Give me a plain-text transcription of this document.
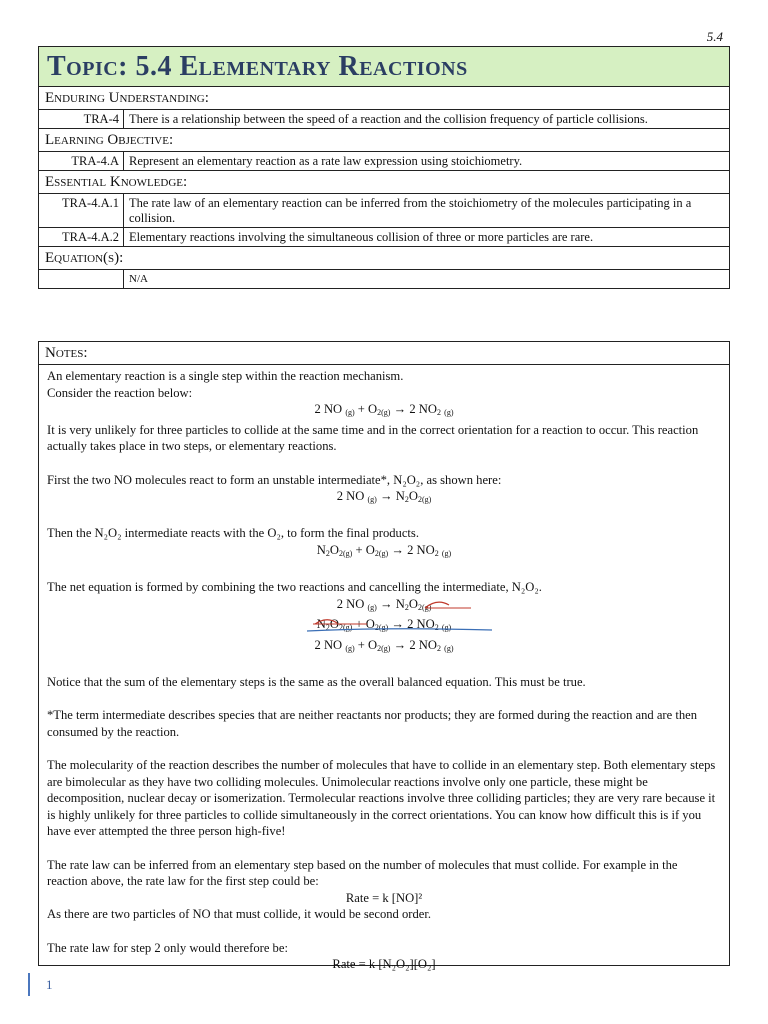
5.4
Topic: 5.4 Elementary Reactions
Enduring Understanding:
TRA-4 There is a relationship between the speed of a reaction and the collision frequency of particle collisions.
Learning Objective:
TRA-4.A Represent an elementary reaction as a rate law expression using stoichiometry.
Essential Knowledge:
TRA-4.A.1 The rate law of an elementary reaction can be inferred from the stoichiometry of the molecules participating in a collision.
TRA-4.A.2 Elementary reactions involving the simultaneous collision of three or more particles are rare.
Equation(s):
N/A
Notes:

An elementary reaction is a single step within the reaction mechanism.

Consider the reaction below:

2 NO $_{(g)} + O_{2(g)} \to 2$ $NO_2$ $_{(g)}$

It is very unlikely for three particles to collide at the same time and in the correct orientation for a reaction to occur. This reaction actually takes place in two steps, or elementary reactions.

First the two NO molecules react to form an unstable intermediate*, N₂O₂, as shown here:

2 NO $_{(g)} \to N_2O_{2(g)}$

Then the N₂O₂ intermediate reacts with the O₂, to form the final products.

$N_2O_{2(g)} + O_{2(g)} \to 2$ $NO_2$ $_{(g)}$

The net equation is formed by combining the two reactions and cancelling the intermediate, N₂O₂.

2 NO $_{(g)} \to N_2O_{2(g)}$

$N_2O_{2(g)} + O_{2(g)} \to 2$ $NO_2$ $_{(g)}$

2 NO $_{(g)} + O_{2(g)} \to 2$ $NO_2$ $_{(g)}$

Notice that the sum of the elementary steps is the same as the overall balanced equation. This must be true.

*The term intermediate describes species that are neither reactants nor products; they are formed during the reaction and are then consumed by the reaction.

The molecularity of the reaction describes the number of molecules that have to collide in an elementary step. Both elementary steps are bimolecular as they have two colliding molecules. Unimolecular reactions involve only one particle, these might be decomposition, nuclear decay or isomerization. Termolecular reactions involve three colliding particles; they are very rare because it is highly unlikely for three particles to collide simultaneously in the correct orientations. You can know how difficult this is if you have ever attempted the three person high-five!

The rate law can be inferred from an elementary step based on the number of molecules that must collide. For example in the reaction above, the rate law for the first step could be:

Rate = k [NO]²

As there are two particles of NO that must collide, it would be second order.

The rate law for step 2 only would therefore be:

Rate = k [N₂O₂][O₂]

1
